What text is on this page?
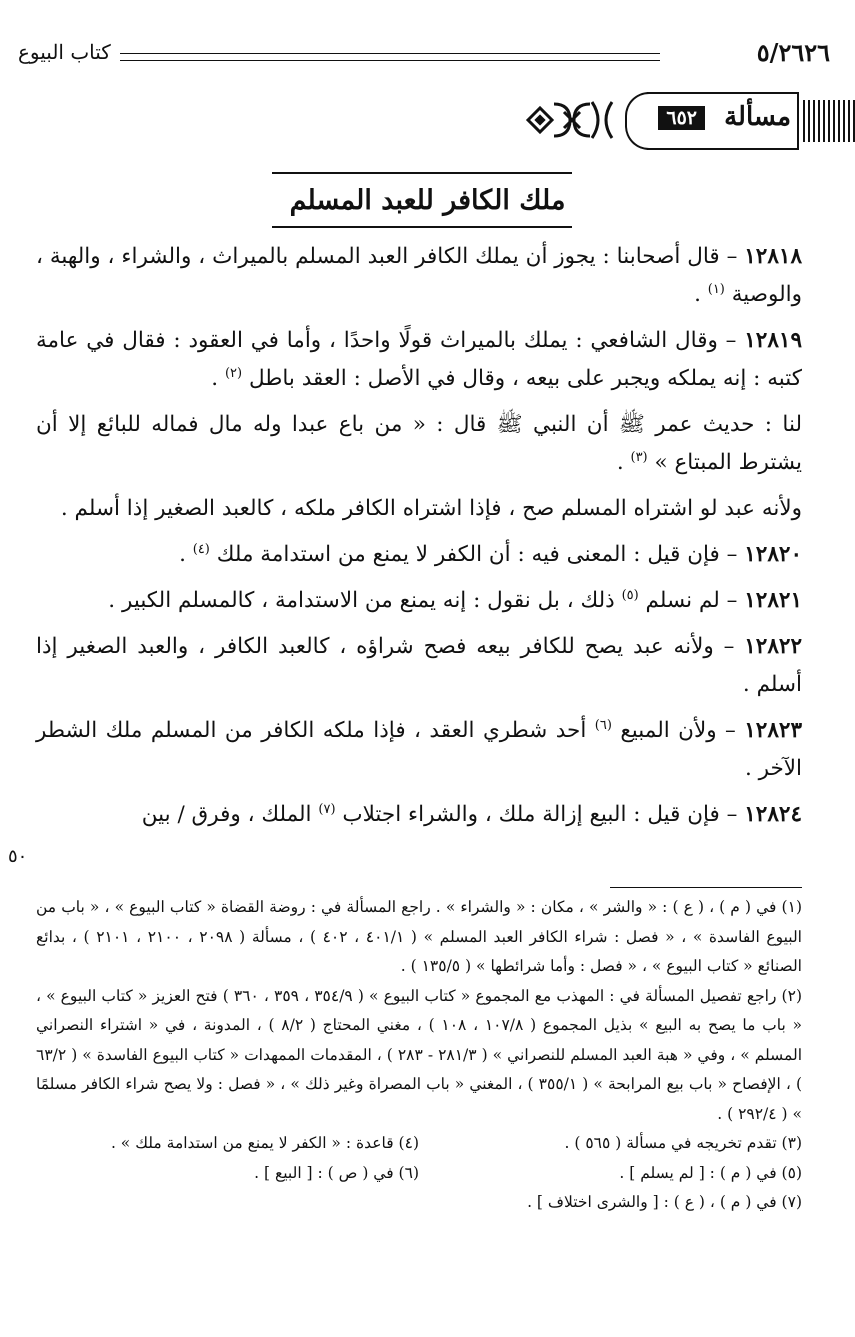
٥/٢٦٢٦
كتاب البيوع
مسألة
٦٥٢
ملك الكافر للعبد المسلم

١٢٨١٨ – قال أصحابنا : يجوز أن يملك الكافر العبد المسلم بالميراث ، والشراء ، والهبة ، والوصية $^{(١)}$ .

١٢٨١٩ – وقال الشافعي : يملك بالميراث قولًا واحدًا ، وأما في العقود : فقال في عامة كتبه : إنه يملكه ويجبر على بيعه ، وقال في الأصل : العقد باطل $^{(٢)}$ .

لنا : حديث عمر ﷺ أن النبي ﷺ قال : « من باع عبدا وله مال فماله للبائع إلا أن يشترط المبتاع » $^{(٣)}$ .

ولأنه عبد لو اشتراه المسلم صح ، فإذا اشتراه الكافر ملكه ، كالعبد الصغير إذا أسلم .

١٢٨٢٠ – فإن قيل : المعنى فيه : أن الكفر لا يمنع من استدامة ملك $^{(٤)}$ .

١٢٨٢١ – لم نسلم $^{(٥)}$ ذلك ، بل نقول : إنه يمنع من الاستدامة ، كالمسلم الكبير .

١٢٨٢٢ – ولأنه عبد يصح للكافر بيعه فصح شراؤه ، كالعبد الكافر ، والعبد الصغير إذا أسلم .

١٢٨٢٣ – ولأن المبيع $^{(٦)}$ أحد شطري العقد ، فإذا ملكه الكافر من المسلم ملك الشطر الآخر .

١٢٨٢٤ – فإن قيل : البيع إزالة ملك ، والشراء اجتلاب $^{(٧)}$ الملك ، وفرق / بين

٥٠

(١) في ( م ) ، ( ع ) : « والشر » ، مكان : « والشراء » . راجع المسألة في : روضة القضاة « كتاب البيوع » ، « باب من البيوع الفاسدة » ، « فصل : شراء الكافر العبد المسلم » ( ٤٠١/١ ، ٤٠٢ ) ، مسألة ( ٢٠٩٨ ، ٢١٠٠ ، ٢١٠١ ) ، بدائع الصنائع « كتاب البيوع » ، « فصل : وأما شرائطها » ( ١٣٥/٥ ) .

(٢) راجع تفصيل المسألة في : المهذب مع المجموع « كتاب البيوع » ( ٣٥٤/٩ ، ٣٥٩ ، ٣٦٠ ) فتح العزيز « كتاب البيوع » ، « باب ما يصح به البيع » بذيل المجموع ( ١٠٧/٨ ، ١٠٨ ) ، مغني المحتاج ( ٨/٢ ) ، المدونة ، في « اشتراء النصراني المسلم » ، وفي « هبة العبد المسلم للنصراني » ( ٢٨١/٣ - ٢٨٣ ) ، المقدمات الممهدات « كتاب البيوع الفاسدة » ( ٦٣/٢ ) ، الإفصاح « باب بيع المرابحة » ( ٣٥٥/١ ) ، المغني « باب المصراة وغير ذلك » ، « فصل : ولا يصح شراء الكافر مسلمًا » ( ٢٩٢/٤ ) .

(٣) تقدم تخريجه في مسألة ( ٥٦٥ ) .

(٤) قاعدة : « الكفر لا يمنع من استدامة ملك » .

(٥) في ( م ) : [ لم يسلم ] .

(٦) في ( ص ) : [ البيع ] .

(٧) في ( م ) ، ( ع ) : [ والشرى اختلاف ] .
